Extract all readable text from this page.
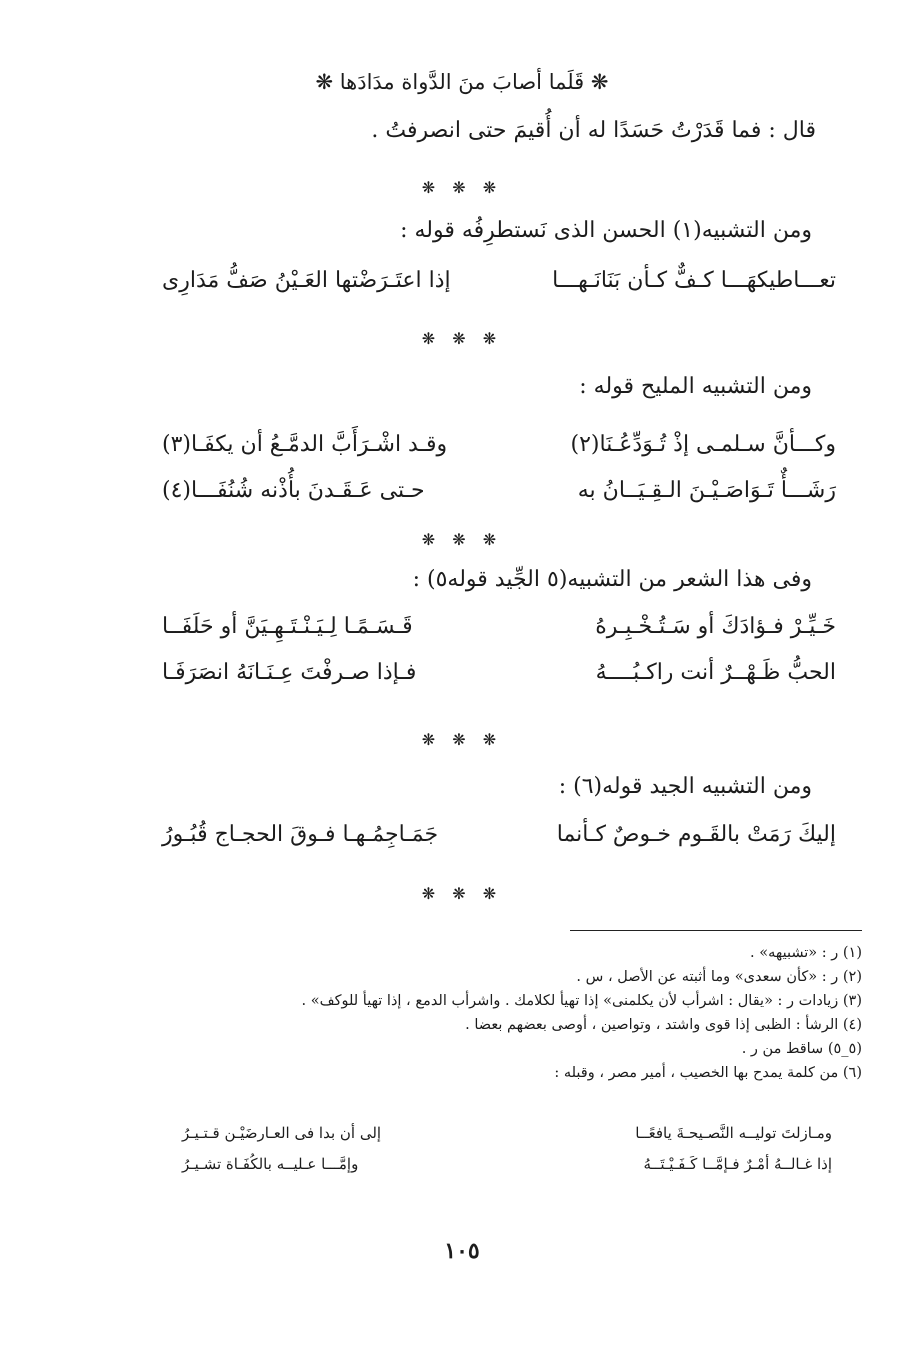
❋ قَلَما أصابَ منَ الدَّواة مدَادَها ❋
قال : فما قَدَرْتُ حَسَدًا له أن أُقيمَ حتى انصرفتُ .
❋ ❋ ❋
ومن التشبيه(١) الحسن الذى نَستطرِفُه قوله :
تعـــاطيكهَـــا كـفٌّ كـأن بَنَانَـهـــا
إذا اعتَـرَضْتها العَـيْنُ صَفُّ مَدَارِى
❋ ❋ ❋
ومن التشبيه المليح قوله :
وكـــأنَّ سـلمـى إذْ تُـوَدِّعُـنَا(٢)
وقـد اشْـرَأَبَّ الدمَّـعُ أن يكفَـا(٣)
رَشَـــأٌ تَـوَاصَـيْـنَ الـقِـيَــانُ به
حـتى عَـقَـدنَ بأُذْنه شُنُفَـــا(٤)
❋ ❋ ❋
وفى هذا الشعر من التشبيه(٥ الجِّيد قوله٥) :
خَـيِّـرْ فـؤادَكَ أو سَـتُـخْـبِـرهُ
قَـسَـمًـا لِـيَـنْـتَـهِـيَنَّ أو حَلَفَــا
الحبُّ ظَـهْــرٌ أنت راكـبُــــهُ
فـإذا صـرفْتَ عِـنَـانَهُ انصَرَفَـا
❋ ❋ ❋
ومن التشبيه الجيد قوله(٦) :
إليكَ رَمَتْ بالقَـوم خـوصٌ كـأنما
جَمَـاجِمُـهـا فـوقَ الحجـاج قُبُـورُ
❋ ❋ ❋
(١) ر : «تشبيهه» .
(٢) ر : «كأن سعدى» وما أثبته عن الأصل ، س .
(٣) زيادات ر : «يقال : اشرأب لأن يكلمنى» إذا تهيأ لكلامك . واشرأب الدمع ، إذا تهيأ للوكف» .
(٤) الرشأ : الظبى إذا قوى واشتد ، وتواصين ، أوصى بعضهم بعضا .
(٥_٥) ساقط من ر .
(٦) من كلمة يمدح بها الخصيب ، أمير مصر ، وقبله :
ومـازلتَ توليــه النَّصـيحـةَ يافعًــا
إلى أن بدا فى العـارضَيْـن قـتـيـرُ
إذا غـالــهُ أمْـرٌ فـإمَّــا كَـفَـيْـتَــهُ
وإمَّـــا عـليــه بالكُفَـاة تشـيـرُ
١٠٥
